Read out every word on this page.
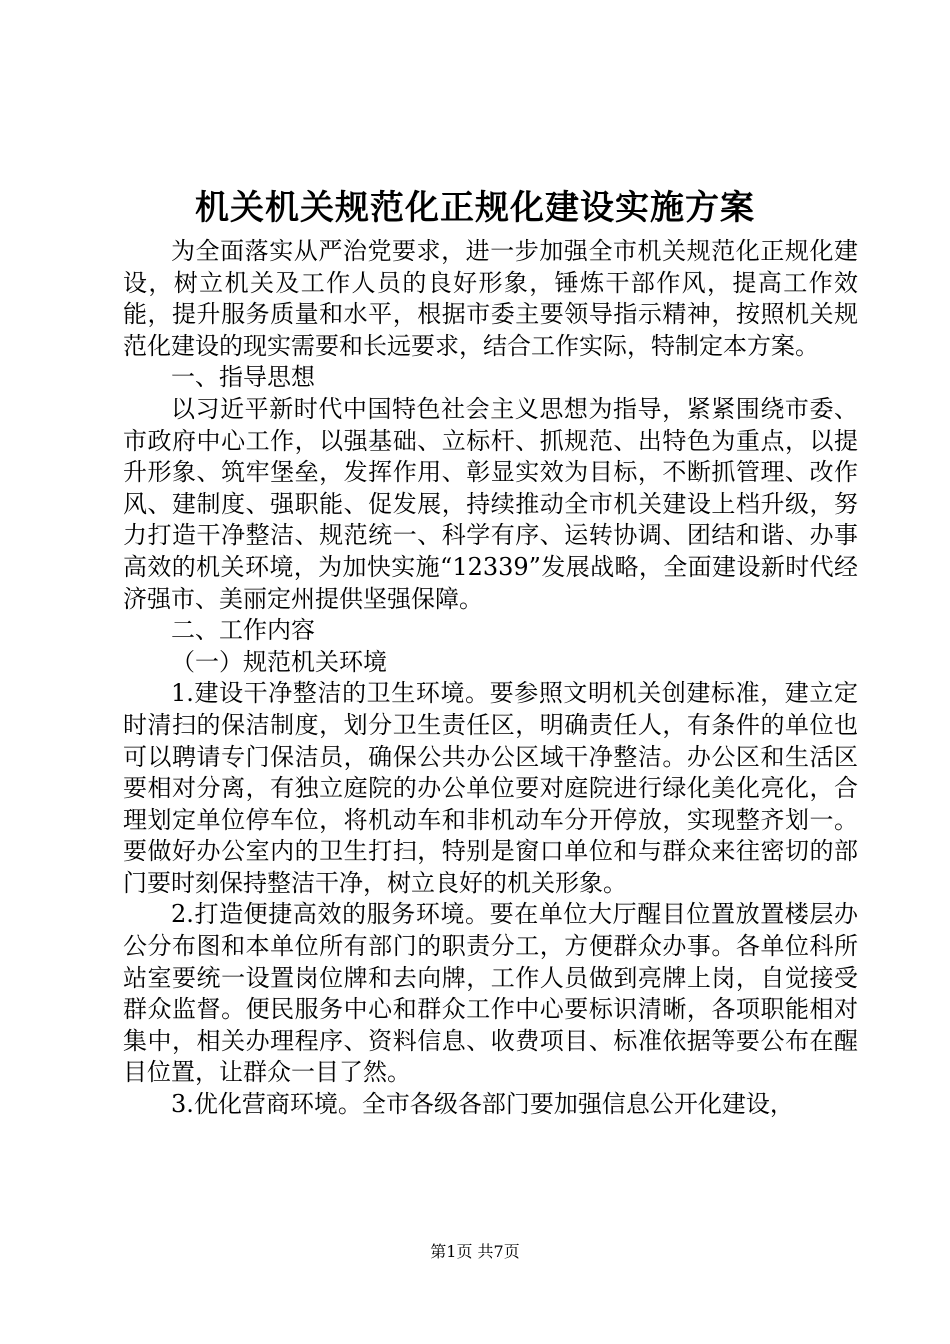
机关机关规范化正规化建设实施方案

为全面落实从严治党要求，进一步加强全市机关规范化正规化建设，树立机关及工作人员的良好形象，锤炼干部作风，提高工作效能，提升服务质量和水平，根据市委主要领导指示精神，按照机关规范化建设的现实需要和长远要求，结合工作实际，特制定本方案。

一、指导思想

以习近平新时代中国特色社会主义思想为指导，紧紧围绕市委、市政府中心工作，以强基础、立标杆、抓规范、出特色为重点，以提升形象、筑牢堡垒，发挥作用、彰显实效为目标，不断抓管理、改作风、建制度、强职能、促发展，持续推动全市机关建设上档升级，努力打造干净整洁、规范统一、科学有序、运转协调、团结和谐、办事高效的机关环境，为加快实施“12339”发展战略，全面建设新时代经济强市、美丽定州提供坚强保障。

二、工作内容

（一）规范机关环境

1.建设干净整洁的卫生环境。要参照文明机关创建标准，建立定时清扫的保洁制度，划分卫生责任区，明确责任人，有条件的单位也可以聘请专门保洁员，确保公共办公区域干净整洁。办公区和生活区要相对分离，有独立庭院的办公单位要对庭院进行绿化美化亮化，合理划定单位停车位，将机动车和非机动车分开停放，实现整齐划一。要做好办公室内的卫生打扫，特别是窗口单位和与群众来往密切的部门要时刻保持整洁干净，树立良好的机关形象。

2.打造便捷高效的服务环境。要在单位大厅醒目位置放置楼层办公分布图和本单位所有部门的职责分工，方便群众办事。各单位科所站室要统一设置岗位牌和去向牌，工作人员做到亮牌上岗，自觉接受群众监督。便民服务中心和群众工作中心要标识清晰，各项职能相对集中，相关办理程序、资料信息、收费项目、标准依据等要公布在醒目位置，让群众一目了然。

3.优化营商环境。全市各级各部门要加强信息公开化建设，

第1页 共7页
